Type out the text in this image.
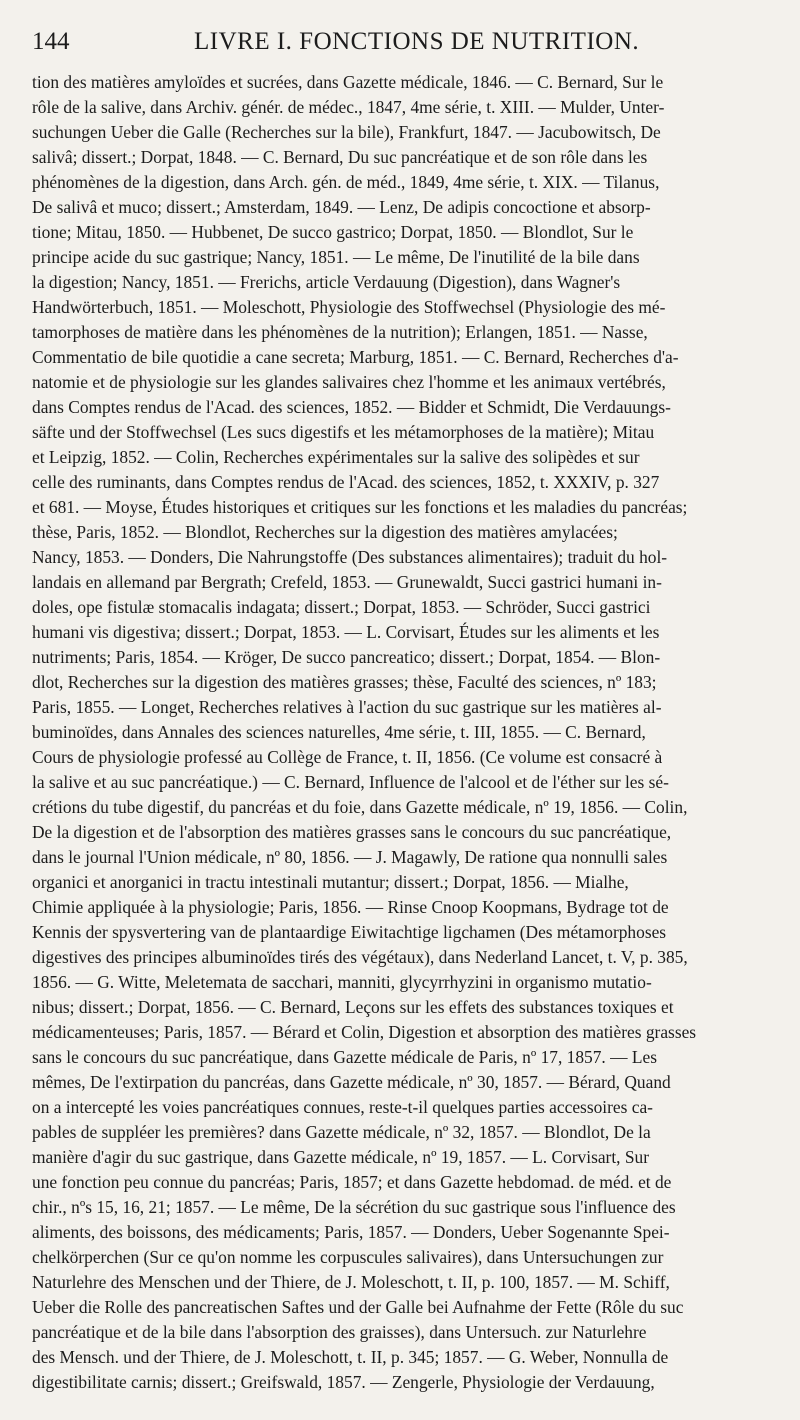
144	LIVRE I. FONCTIONS DE NUTRITION.
tion des matières amyloïdes et sucrées, dans Gazette médicale, 1846. — C. Bernard, Sur le
rôle de la salive, dans Archiv. génér. de médec., 1847, 4me série, t. XIII. — Mulder, Unter-
suchungen Ueber die Galle (Recherches sur la bile), Frankfurt, 1847. — Jacubowitsch, De
salivâ; dissert.; Dorpat, 1848. — C. Bernard, Du suc pancréatique et de son rôle dans les
phénomènes de la digestion, dans Arch. gén. de méd., 1849, 4me série, t. XIX. — Tilanus,
De salivâ et muco; dissert.; Amsterdam, 1849. — Lenz, De adipis concoctione et absorp-
tione; Mitau, 1850. — Hubbenet, De succo gastrico; Dorpat, 1850. — Blondlot, Sur le
principe acide du suc gastrique; Nancy, 1851. — Le même, De l'inutilité de la bile dans
la digestion; Nancy, 1851. — Frerichs, article Verdauung (Digestion), dans Wagner's
Handwörterbuch, 1851. — Moleschott, Physiologie des Stoffwechsel (Physiologie des mé-
tamorphoses de matière dans les phénomènes de la nutrition); Erlangen, 1851. — Nasse,
Commentatio de bile quotidie a cane secreta; Marburg, 1851. — C. Bernard, Recherches d'a-
natomie et de physiologie sur les glandes salivaires chez l'homme et les animaux vertébrés,
dans Comptes rendus de l'Acad. des sciences, 1852. — Bidder et Schmidt, Die Verdauungs-
säfte und der Stoffwechsel (Les sucs digestifs et les métamorphoses de la matière); Mitau
et Leipzig, 1852. — Colin, Recherches expérimentales sur la salive des solipèdes et sur
celle des ruminants, dans Comptes rendus de l'Acad. des sciences, 1852, t. XXXIV, p. 327
et 681. — Moyse, Études historiques et critiques sur les fonctions et les maladies du pancréas;
thèse, Paris, 1852. — Blondlot, Recherches sur la digestion des matières amylacées;
Nancy, 1853. — Donders, Die Nahrungstoffe (Des substances alimentaires); traduit du hol-
landais en allemand par Bergrath; Crefeld, 1853. — Grunewaldt, Succi gastrici humani in-
doles, ope fistulæ stomacalis indagata; dissert.; Dorpat, 1853. — Schröder, Succi gastrici
humani vis digestiva; dissert.; Dorpat, 1853. — L. Corvisart, Études sur les aliments et les
nutriments; Paris, 1854. — Kröger, De succo pancreatico; dissert.; Dorpat, 1854. — Blon-
dlot, Recherches sur la digestion des matières grasses; thèse, Faculté des sciences, nº 183;
Paris, 1855. — Longet, Recherches relatives à l'action du suc gastrique sur les matières al-
buminoïdes, dans Annales des sciences naturelles, 4me série, t. III, 1855. — C. Bernard,
Cours de physiologie professé au Collège de France, t. II, 1856. (Ce volume est consacré à
la salive et au suc pancréatique.) — C. Bernard, Influence de l'alcool et de l'éther sur les sé-
crétions du tube digestif, du pancréas et du foie, dans Gazette médicale, nº 19, 1856. — Colin,
De la digestion et de l'absorption des matières grasses sans le concours du suc pancréatique,
dans le journal l'Union médicale, nº 80, 1856. — J. Magawly, De ratione qua nonnulli sales
organici et anorganici in tractu intestinali mutantur; dissert.; Dorpat, 1856. — Mialhe,
Chimie appliquée à la physiologie; Paris, 1856. — Rinse Cnoop Koopmans, Bydrage tot de
Kennis der spysvertering van de plantaardige Eiwitachtige ligchamen (Des métamorphoses
digestives des principes albuminoïdes tirés des végétaux), dans Nederland Lancet, t. V, p. 385,
1856. — G. Witte, Meletemata de sacchari, manniti, glycyrrhyzini in organismo mutatio-
nibus; dissert.; Dorpat, 1856. — C. Bernard, Leçons sur les effets des substances toxiques et
médicamenteuses; Paris, 1857. — Bérard et Colin, Digestion et absorption des matières grasses
sans le concours du suc pancréatique, dans Gazette médicale de Paris, nº 17, 1857. — Les
mêmes, De l'extirpation du pancréas, dans Gazette médicale, nº 30, 1857. — Bérard, Quand
on a intercepté les voies pancréatiques connues, reste-t-il quelques parties accessoires ca-
pables de suppléer les premières? dans Gazette médicale, nº 32, 1857. — Blondlot, De la
manière d'agir du suc gastrique, dans Gazette médicale, nº 19, 1857. — L. Corvisart, Sur
une fonction peu connue du pancréas; Paris, 1857; et dans Gazette hebdomad. de méd. et de
chir., nºs 15, 16, 21; 1857. — Le même, De la sécrétion du suc gastrique sous l'influence des
aliments, des boissons, des médicaments; Paris, 1857. — Donders, Ueber Sogenannte Spei-
chelkörperchen (Sur ce qu'on nomme les corpuscules salivaires), dans Untersuchungen zur
Naturlehre des Menschen und der Thiere, de J. Moleschott, t. II, p. 100, 1857. — M. Schiff,
Ueber die Rolle des pancreatischen Saftes und der Galle bei Aufnahme der Fette (Rôle du suc
pancréatique et de la bile dans l'absorption des graisses), dans Untersuch. zur Naturlehre
des Mensch. und der Thiere, de J. Moleschott, t. II, p. 345; 1857. — G. Weber, Nonnulla de
digestibilitate carnis; dissert.; Greifswald, 1857. — Zengerle, Physiologie der Verdauung,
